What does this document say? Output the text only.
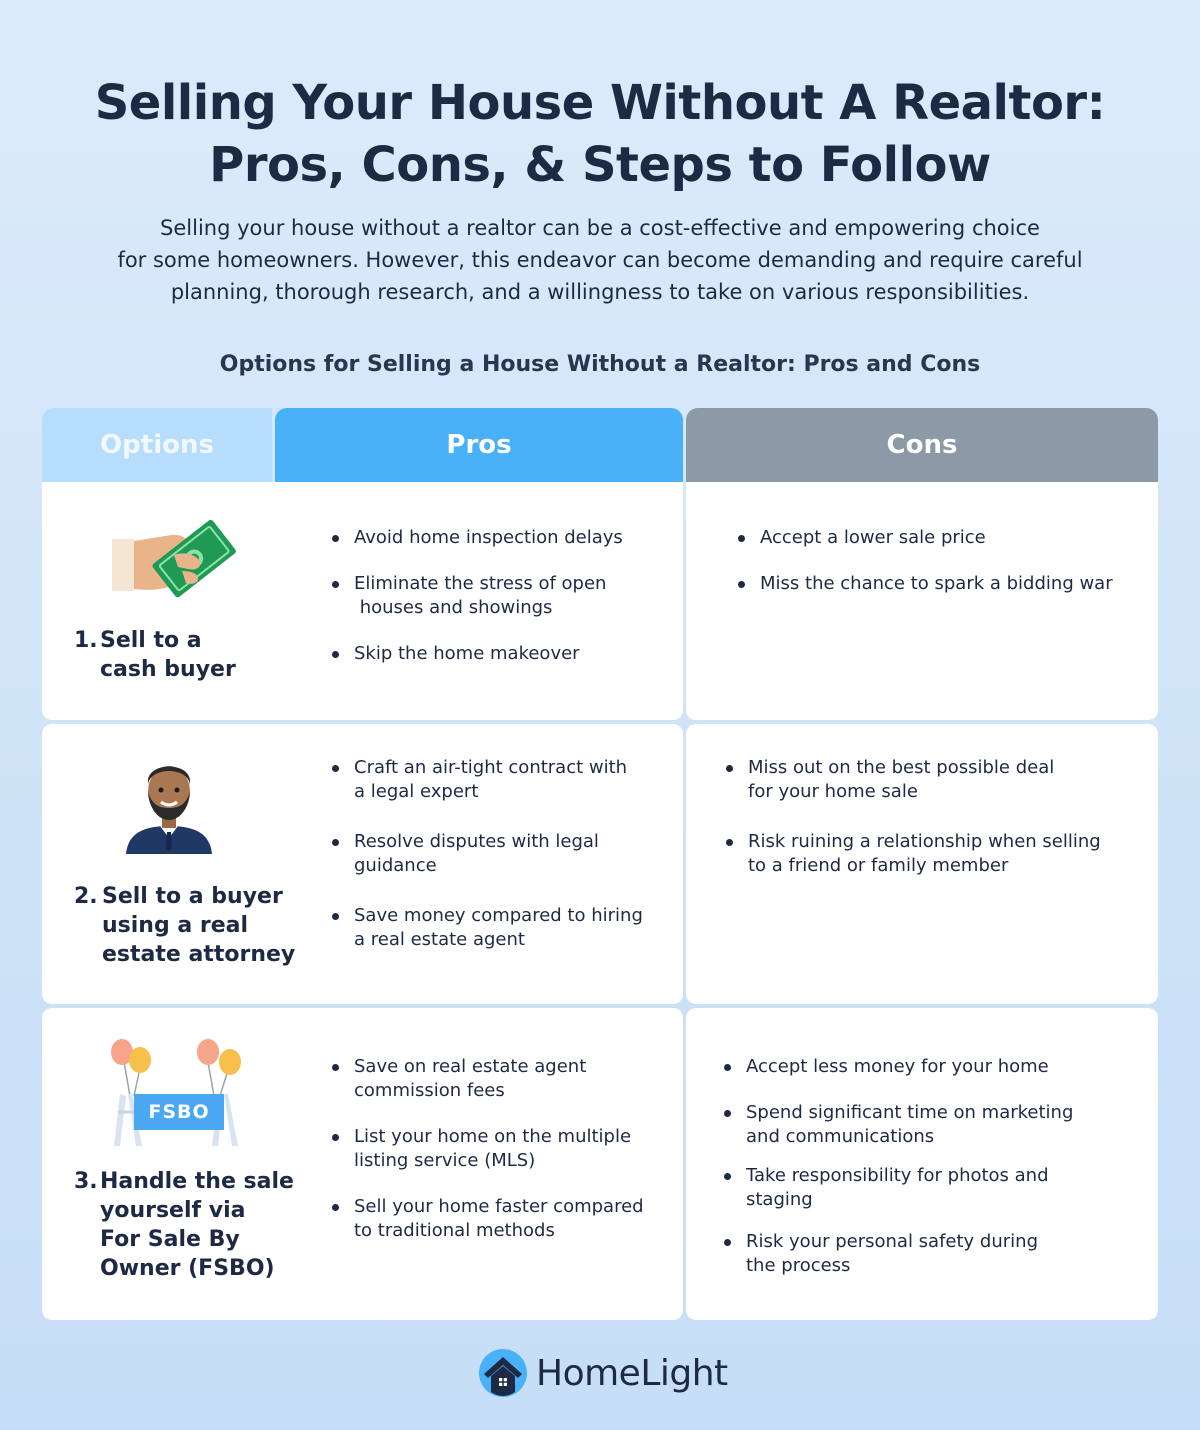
Selling Your House Without A Realtor:
Pros, Cons, & Steps to Follow
Selling your house without a realtor can be a cost-effective and empowering choice
for some homeowners. However, this endeavor can become demanding and require careful
planning, thorough research, and a willingness to take on various responsibilities.
Options for Selling a House Without a Realtor: Pros and Cons
Options	Pros	Cons
1. Sell to a
cash buyer
Avoid home inspection delays
Eliminate the stress of open
houses and showings
Skip the home makeover
Accept a lower sale price
Miss the chance to spark a bidding war
2. Sell to a buyer
using a real
estate attorney
Craft an air-tight contract with
a legal expert
Resolve disputes with legal
guidance
Save money compared to hiring
a real estate agent
Miss out on the best possible deal
for your home sale
Risk ruining a relationship when selling
to a friend or family member
FSBO
3. Handle the sale
yourself via
For Sale By
Owner (FSBO)
Save on real estate agent
commission fees
List your home on the multiple
listing service (MLS)
Sell your home faster compared
to traditional methods
Accept less money for your home
Spend significant time on marketing
and communications
Take responsibility for photos and
staging
Risk your personal safety during
the process
HomeLight
